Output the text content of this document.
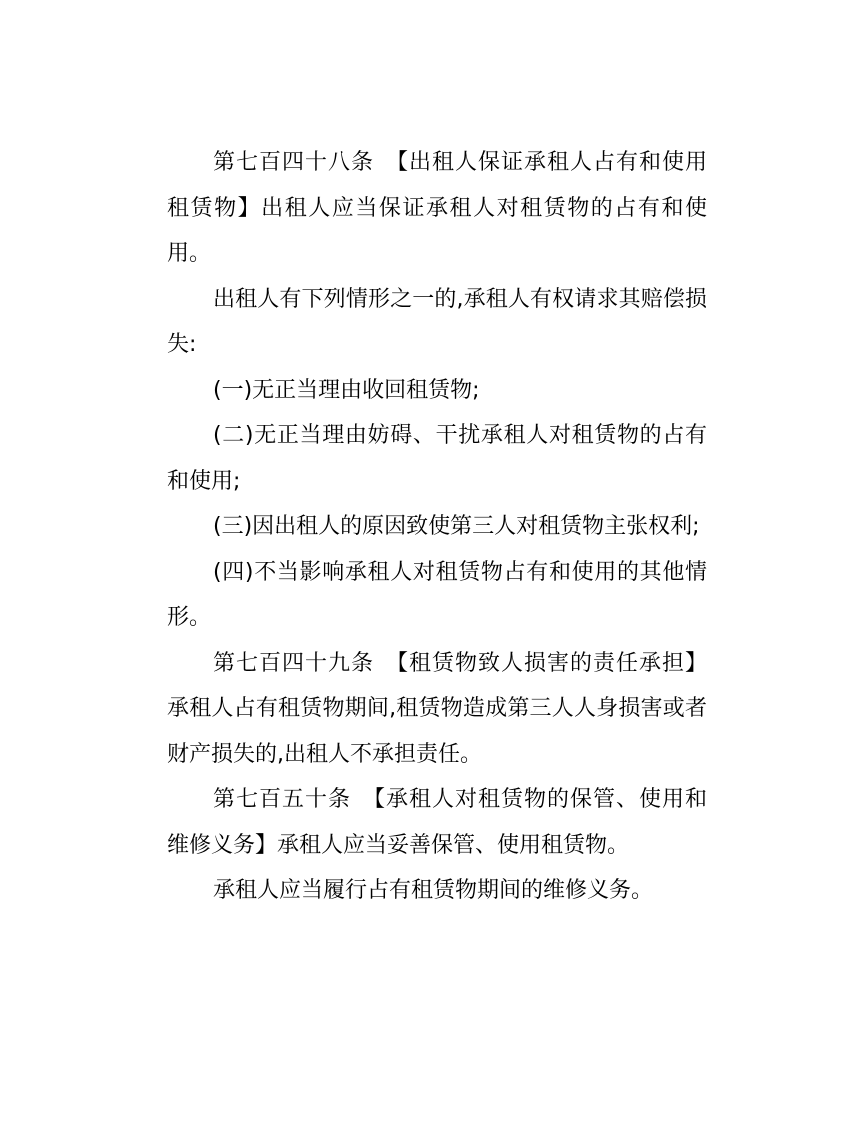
第七百四十八条　【出租人保证承租人占有和使用租赁物】出租人应当保证承租人对租赁物的占有和使用。

出租人有下列情形之一的,承租人有权请求其赔偿损失:

(一)无正当理由收回租赁物;

(二)无正当理由妨碍、干扰承租人对租赁物的占有和使用;

(三)因出租人的原因致使第三人对租赁物主张权利;

(四)不当影响承租人对租赁物占有和使用的其他情形。

第七百四十九条　【租赁物致人损害的责任承担】承租人占有租赁物期间,租赁物造成第三人人身损害或者财产损失的,出租人不承担责任。

第七百五十条　【承租人对租赁物的保管、使用和维修义务】承租人应当妥善保管、使用租赁物。

承租人应当履行占有租赁物期间的维修义务。
